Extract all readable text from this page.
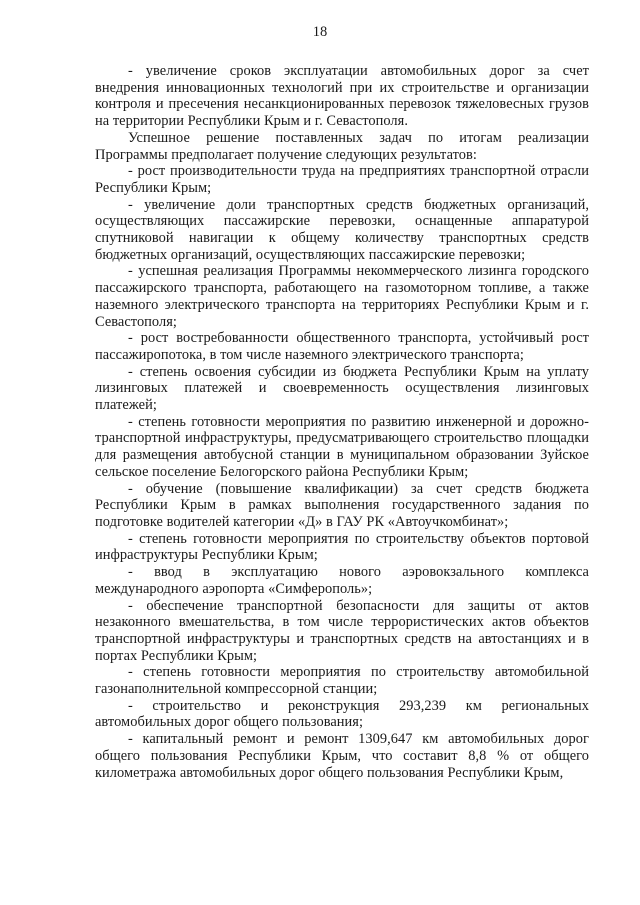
18

- увеличение сроков эксплуатации автомобильных дорог за счет внедрения инновационных технологий при их строительстве и организации контроля и пресечения несанкционированных перевозок тяжеловесных грузов на территории Республики Крым и г. Севастополя.

Успешное решение поставленных задач по итогам реализации Программы предполагает получение следующих результатов:

- рост производительности труда на предприятиях транспортной отрасли Республики Крым;

- увеличение доли транспортных средств бюджетных организаций, осуществляющих пассажирские перевозки, оснащенные аппаратурой спутниковой навигации к общему количеству транспортных средств бюджетных организаций, осуществляющих пассажирские перевозки;

- успешная реализация Программы некоммерческого лизинга городского пассажирского транспорта, работающего на газомоторном топливе, а также наземного электрического транспорта на территориях Республики Крым и г. Севастополя;

- рост востребованности общественного транспорта, устойчивый рост пассажиропотока, в том числе наземного электрического транспорта;

- степень освоения субсидии из бюджета Республики Крым на уплату лизинговых платежей и своевременность осуществления лизинговых платежей;

- степень готовности мероприятия по развитию инженерной и дорожно-транспортной инфраструктуры, предусматривающего строительство площадки для размещения автобусной станции в муниципальном образовании Зуйское сельское поселение Белогорского района Республики Крым;

- обучение (повышение квалификации) за счет средств бюджета Республики Крым в рамках выполнения государственного задания по подготовке водителей категории «Д» в ГАУ РК «Автоучкомбинат»;

- степень готовности мероприятия по строительству объектов портовой инфраструктуры Республики Крым;

- ввод в эксплуатацию нового аэровокзального комплекса международного аэропорта «Симферополь»;

- обеспечение транспортной безопасности для защиты от актов незаконного вмешательства, в том числе террористических актов объектов транспортной инфраструктуры и транспортных средств на автостанциях и в портах Республики Крым;

- степень готовности мероприятия по строительству автомобильной газонаполнительной компрессорной станции;

- строительство и реконструкция 293,239 км региональных автомобильных дорог общего пользования;

- капитальный ремонт и ремонт 1309,647 км автомобильных дорог общего пользования Республики Крым, что составит 8,8 % от общего километража автомобильных дорог общего пользования Республики Крым,
